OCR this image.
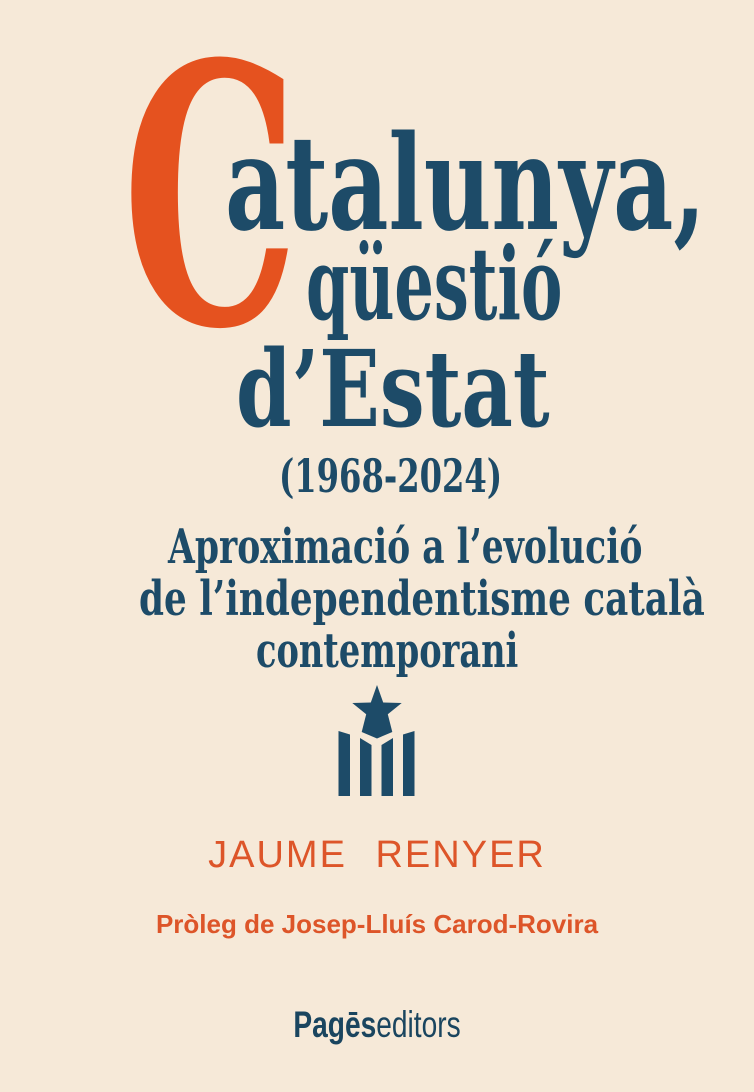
C
atalunya,
qüestió
d’Estat
(1968-2024)
Aproximació a l’evolució
de l’independentisme català
contemporani
JAUME RENYER
Pròleg de Josep-Lluís Carod-Rovira
Pagēseditors
